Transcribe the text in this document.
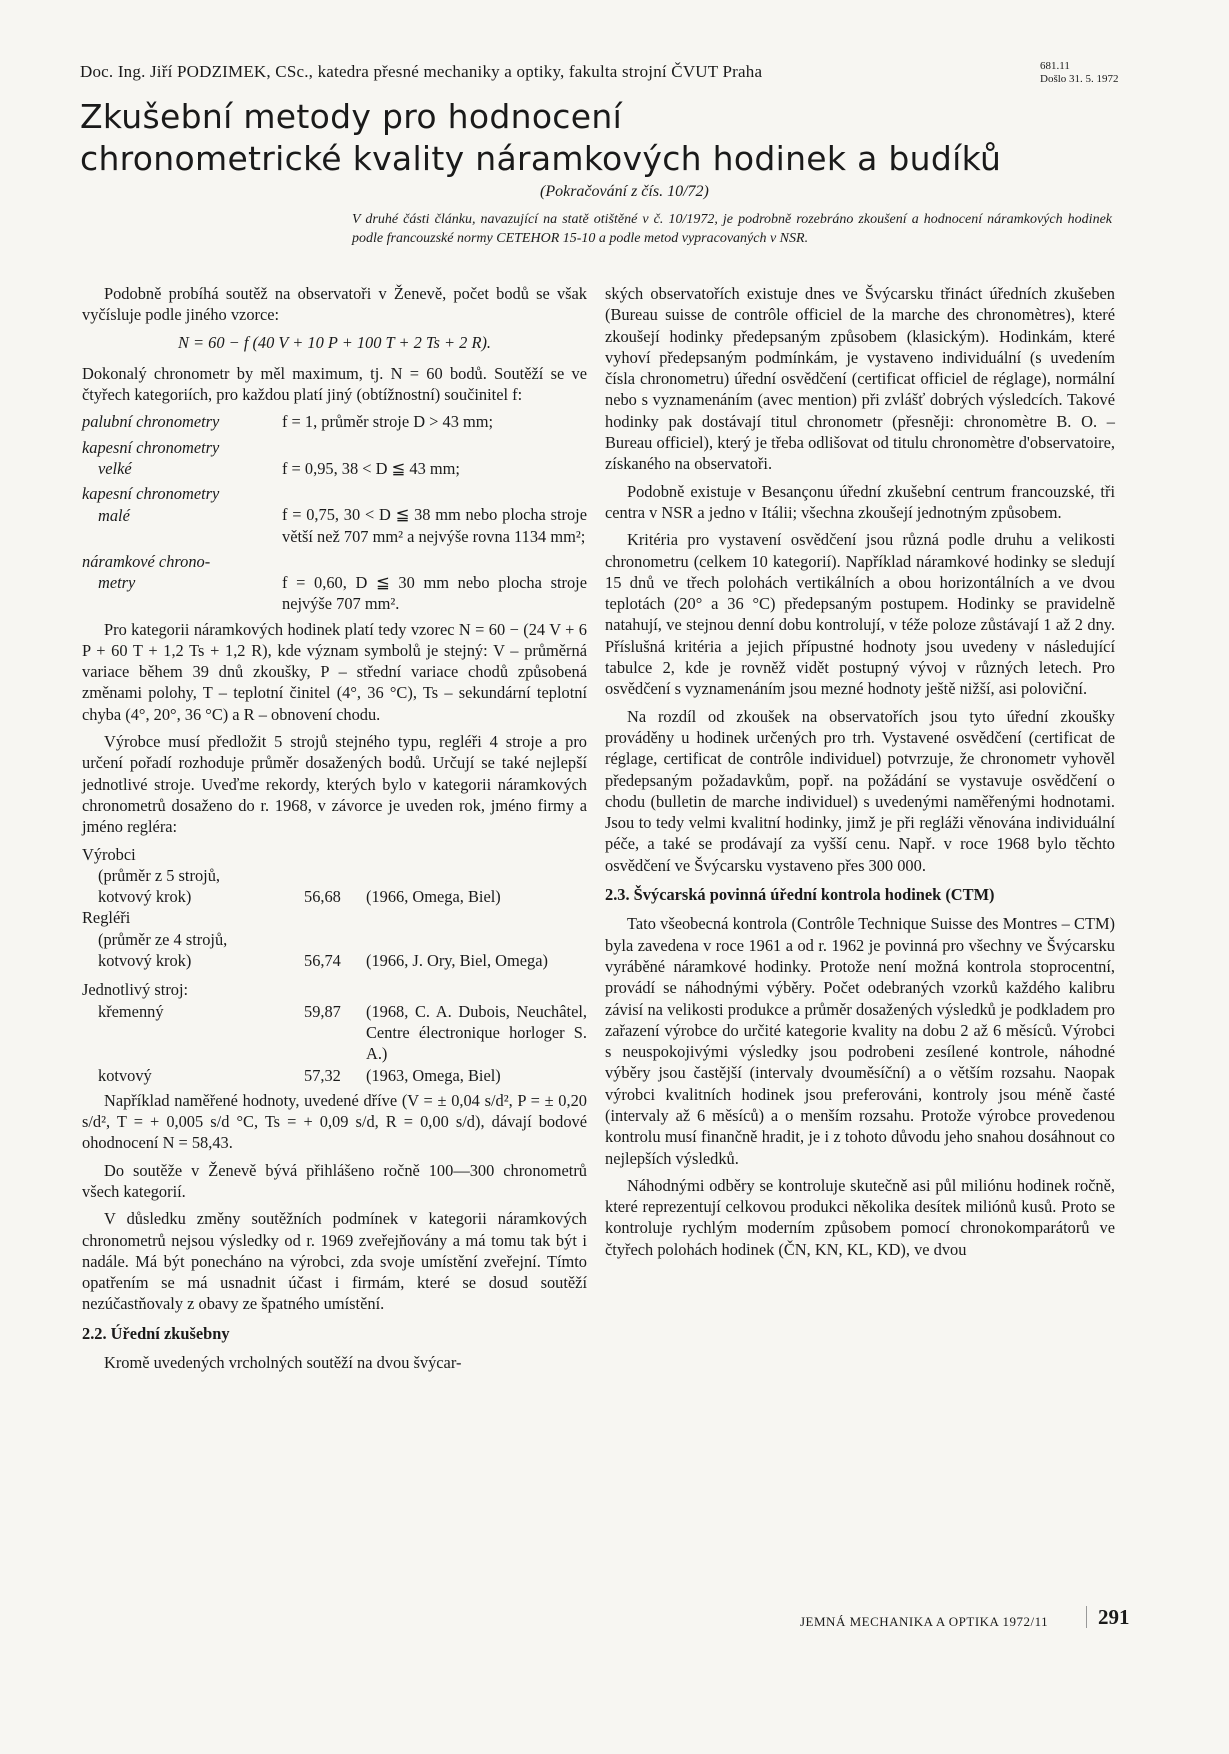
Doc. Ing. Jiří PODZIMEK, CSc., katedra přesné mechaniky a optiky, fakulta strojní ČVUT Praha	681.11
Došlo 31. 5. 1972
Zkušební metody pro hodnocení
chronometrické kvality náramkových hodinek a budíků
(Pokračování z čís. 10/72)
V druhé části článku, navazující na statě otištěné v č. 10/1972, je podrobně rozebráno zkoušení a hodnocení náramkových hodinek podle francouzské normy CETEHOR 15-10 a podle metod vypracovaných v NSR.

Podobně probíhá soutěž na observatoři v Ženevě, počet bodů se však vyčísluje podle jiného vzorce:

N = 60 − f (40 V + 10 P + 100 T + 2 Ts + 2 R).

Dokonalý chronometr by měl maximum, tj. N = 60 bodů. Soutěží se ve čtyřech kategoriích, pro každou platí jiný (obtížnostní) součinitel f:

palubní chronometry	f = 1, průměr stroje D > 43 mm;
kapesní chronometry
velké	f = 0,95, 38 < D ≦ 43 mm;
kapesní chronometry
malé	f = 0,75, 30 < D ≦ 38 mm nebo plocha stroje větší než 707 mm² a nejvýše rovna 1134 mm²;
náramkové chrono-
metry	f = 0,60, D ≦ 30 mm nebo plocha stroje nejvýše 707 mm².

Pro kategorii náramkových hodinek platí tedy vzorec N = 60 − (24 V + 6 P + 60 T + 1,2 Ts + 1,2 R), kde význam symbolů je stejný: V – průměrná variace během 39 dnů zkoušky, P – střední variace chodů způsobená změnami polohy, T – teplotní činitel (4°, 36 °C), Ts – sekundární teplotní chyba (4°, 20°, 36 °C) a R – obnovení chodu.

Výrobce musí předložit 5 strojů stejného typu, regléři 4 stroje a pro určení pořadí rozhoduje průměr dosažených bodů. Určují se také nejlepší jednotlivé stroje. Uveďme rekordy, kterých bylo v kategorii náramkových chronometrů dosaženo do r. 1968, v závorce je uveden rok, jméno firmy a jméno regléra:

Výrobci
(průměr z 5 strojů,
kotvový krok)	56,68	(1966, Omega, Biel)
Regléři
(průměr ze 4 strojů,
kotvový krok)	56,74	(1966, J. Ory, Biel, Omega)
Jednotlivý stroj:
křemenný	59,87	(1968, C. A. Dubois, Neuchâtel, Centre électronique horloger S. A.)
kotvový	57,32	(1963, Omega, Biel)

Například naměřené hodnoty, uvedené dříve (V = ± 0,04 s/d², P = ± 0,20 s/d², T = + 0,005 s/d °C, Ts = + 0,09 s/d, R = 0,00 s/d), dávají bodové ohodnocení N = 58,43.

Do soutěže v Ženevě bývá přihlášeno ročně 100—300 chronometrů všech kategorií.

V důsledku změny soutěžních podmínek v kategorii náramkových chronometrů nejsou výsledky od r. 1969 zveřejňovány a má tomu tak být i nadále. Má být ponecháno na výrobci, zda svoje umístění zveřejní. Tímto opatřením se má usnadnit účast i firmám, které se dosud soutěží nezúčastňovaly z obavy ze špatného umístění.

2.2. Úřední zkušebny

Kromě uvedených vrcholných soutěží na dvou švýcar-

ských observatořích existuje dnes ve Švýcarsku třináct úředních zkušeben (Bureau suisse de contrôle officiel de la marche des chronomètres), které zkoušejí hodinky předepsaným způsobem (klasickým). Hodinkám, které vyhoví předepsaným podmínkám, je vystaveno individuální (s uvedením čísla chronometru) úřední osvědčení (certificat officiel de réglage), normální nebo s vyznamenáním (avec mention) při zvlášť dobrých výsledcích. Takové hodinky pak dostávají titul chronometr (přesněji: chronomètre B. O. – Bureau officiel), který je třeba odlišovat od titulu chronomètre d'observatoire, získaného na observatoři.

Podobně existuje v Besançonu úřední zkušební centrum francouzské, tři centra v NSR a jedno v Itálii; všechna zkoušejí jednotným způsobem.

Kritéria pro vystavení osvědčení jsou různá podle druhu a velikosti chronometru (celkem 10 kategorií). Například náramkové hodinky se sledují 15 dnů ve třech polohách vertikálních a obou horizontálních a ve dvou teplotách (20° a 36 °C) předepsaným postupem. Hodinky se pravidelně natahují, ve stejnou denní dobu kontrolují, v téže poloze zůstávají 1 až 2 dny. Příslušná kritéria a jejich přípustné hodnoty jsou uvedeny v následující tabulce 2, kde je rovněž vidět postupný vývoj v různých letech. Pro osvědčení s vyznamenáním jsou mezné hodnoty ještě nižší, asi poloviční.

Na rozdíl od zkoušek na observatořích jsou tyto úřední zkoušky prováděny u hodinek určených pro trh. Vystavené osvědčení (certificat de réglage, certificat de contrôle individuel) potvrzuje, že chronometr vyhověl předepsaným požadavkům, popř. na požádání se vystavuje osvědčení o chodu (bulletin de marche individuel) s uvedenými naměřenými hodnotami. Jsou to tedy velmi kvalitní hodinky, jimž je při regláži věnována individuální péče, a také se prodávají za vyšší cenu. Např. v roce 1968 bylo těchto osvědčení ve Švýcarsku vystaveno přes 300 000.

2.3. Švýcarská povinná úřední kontrola hodinek (CTM)

Tato všeobecná kontrola (Contrôle Technique Suisse des Montres – CTM) byla zavedena v roce 1961 a od r. 1962 je povinná pro všechny ve Švýcarsku vyráběné náramkové hodinky. Protože není možná kontrola stoprocentní, provádí se náhodnými výběry. Počet odebraných vzorků každého kalibru závisí na velikosti produkce a průměr dosažených výsledků je podkladem pro zařazení výrobce do určité kategorie kvality na dobu 2 až 6 měsíců. Výrobci s neuspokojivými výsledky jsou podrobeni zesílené kontrole, náhodné výběry jsou častější (intervaly dvouměsíční) a o větším rozsahu. Naopak výrobci kvalitních hodinek jsou preferováni, kontroly jsou méně časté (intervaly až 6 měsíců) a o menším rozsahu. Protože výrobce provedenou kontrolu musí finančně hradit, je i z tohoto důvodu jeho snahou dosáhnout co nejlepších výsledků.

Náhodnými odběry se kontroluje skutečně asi půl miliónu hodinek ročně, které reprezentují celkovou produkci několika desítek miliónů kusů. Proto se kontroluje rychlým moderním způsobem pomocí chronokomparátorů ve čtyřech polohách hodinek (ČN, KN, KL, KD), ve dvou

JEMNÁ MECHANIKA A OPTIKA 1972/11 291
